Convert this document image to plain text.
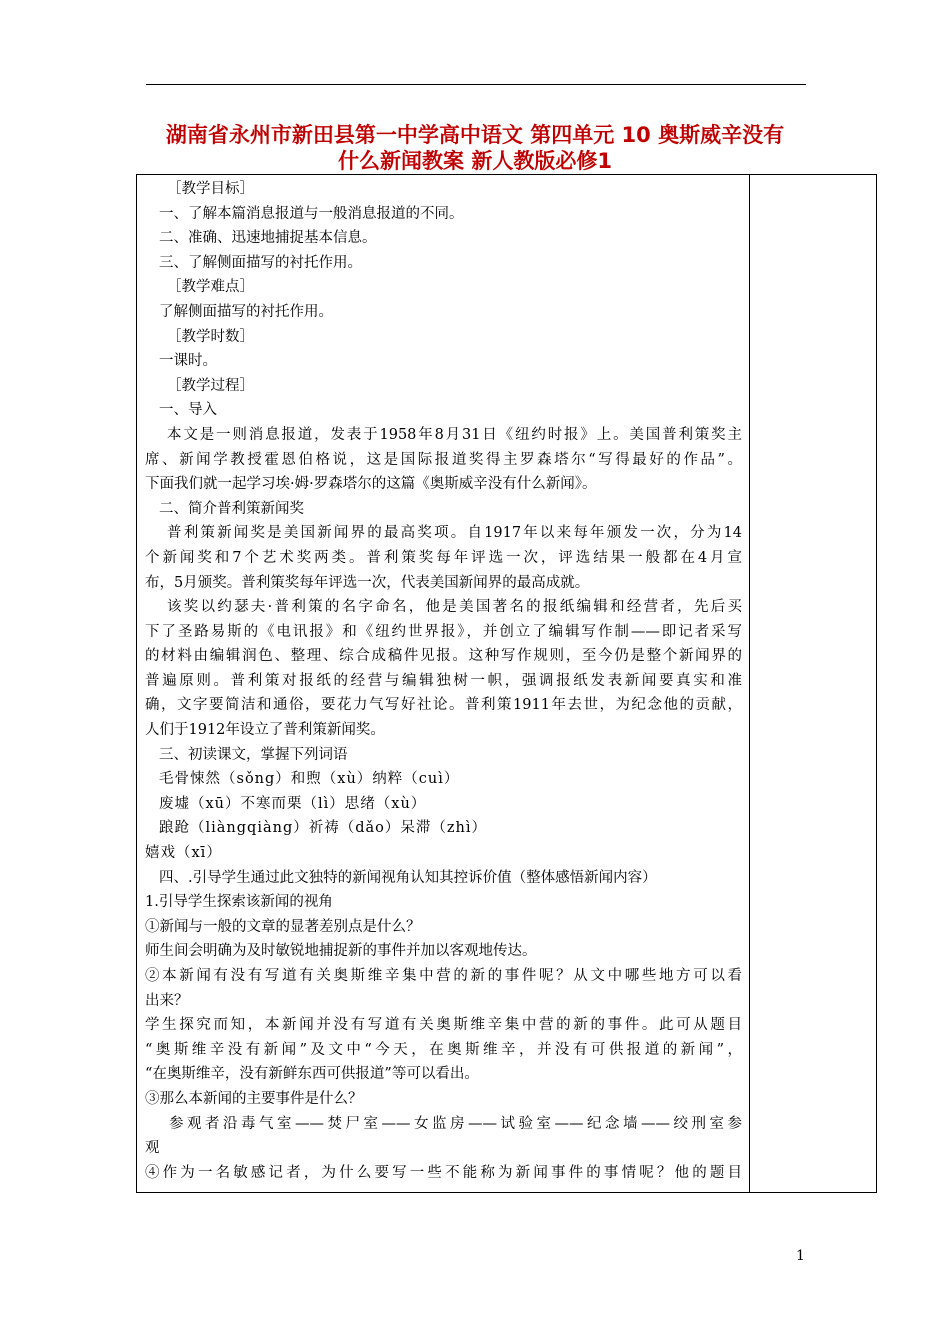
湖南省永州市新田县第一中学高中语文 第四单元 10 奥斯威辛没有
什么新闻教案 新人教版必修1

［教学目标］

一、了解本篇消息报道与一般消息报道的不同。

二、准确、迅速地捕捉基本信息。

三、了解侧面描写的衬托作用。

［教学难点］

了解侧面描写的衬托作用。

［教学时数］

一课时。

［教学过程］

一、导入

本文是一则消息报道，发表于1958年8月31日《纽约时报》上。美国普利策奖主

席、新闻学教授霍恩伯格说，这是国际报道奖得主罗森塔尔“写得最好的作品”。

下面我们就一起学习埃·姆·罗森塔尔的这篇《奥斯威辛没有什么新闻》。

二、简介普利策新闻奖

普利策新闻奖是美国新闻界的最高奖项。自1917年以来每年颁发一次，分为14

个新闻奖和7个艺术奖两类。普利策奖每年评选一次，评选结果一般都在4月宣

布，5月颁奖。普利策奖每年评选一次，代表美国新闻界的最高成就。

该奖以约瑟夫·普利策的名字命名，他是美国著名的报纸编辑和经营者，先后买

下了圣路易斯的《电讯报》和《纽约世界报》，并创立了编辑写作制——即记者采写

的材料由编辑润色、整理、综合成稿件见报。这种写作规则，至今仍是整个新闻界的

普遍原则。普利策对报纸的经营与编辑独树一帜，强调报纸发表新闻要真实和准

确，文字要简洁和通俗，要花力气写好社论。普利策1911年去世，为纪念他的贡献，

人们于1912年设立了普利策新闻奖。

三、初读课文，掌握下列词语

毛骨悚然（sǒng）和煦（xù）纳粹（cuì）

废墟（xū）不寒而栗（lì）思绪（xù）

踉跄（liàngqiàng）祈祷（dǎo）呆滞（zhì）

嬉戏（xī）

四、.引导学生通过此文独特的新闻视角认知其控诉价值（整体感悟新闻内容）

1.引导学生探索该新闻的视角

①新闻与一般的文章的显著差别点是什么？

师生间会明确为及时敏锐地捕捉新的事件并加以客观地传达。

②本新闻有没有写道有关奥斯维辛集中营的新的事件呢？从文中哪些地方可以看

出来？

学生探究而知，本新闻并没有写道有关奥斯维辛集中营的新的事件。此可从题目

“奥斯维辛没有新闻”及文中“今天，在奥斯维辛，并没有可供报道的新闻”，

“在奥斯维辛，没有新鲜东西可供报道”等可以看出。

③那么本新闻的主要事件是什么？

参观者沿毒气室——焚尸室——女监房——试验室——纪念墙——绞刑室参

观

④作为一名敏感记者，为什么要写一些不能称为新闻事件的事情呢？他的题目

1
